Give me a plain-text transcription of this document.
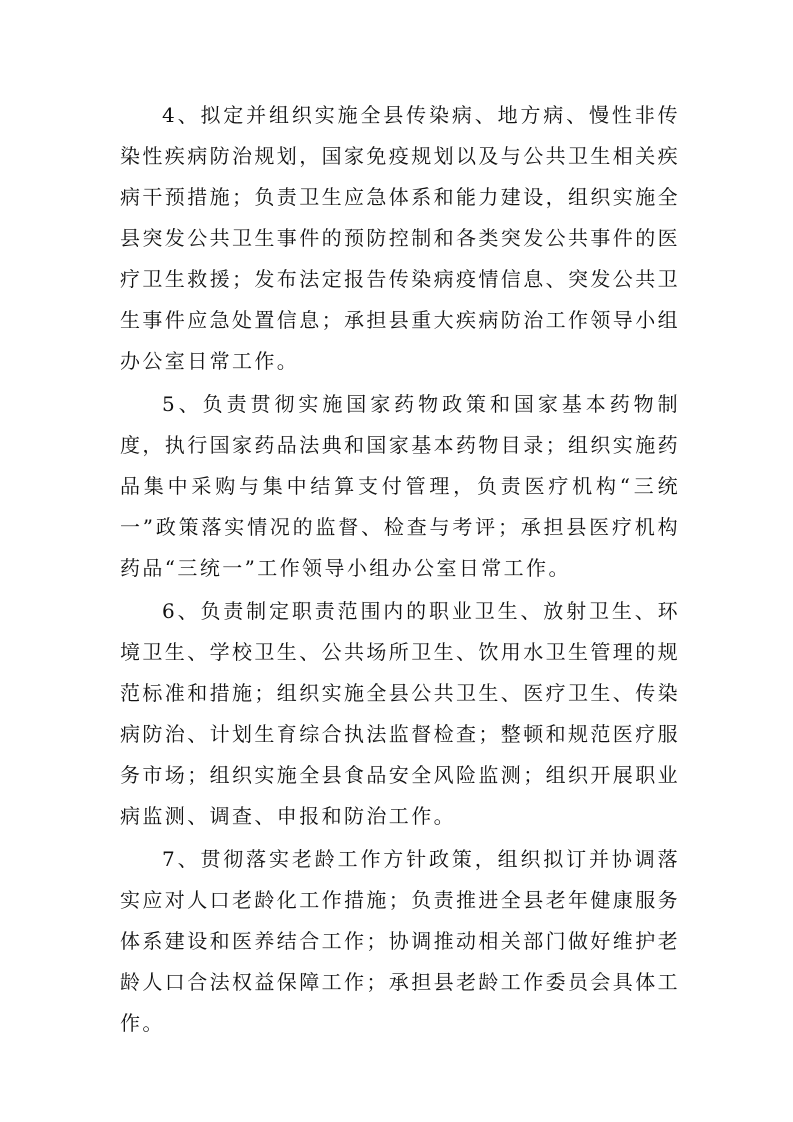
4、拟定并组织实施全县传染病、地方病、慢性非传染性疾病防治规划，国家免疫规划以及与公共卫生相关疾病干预措施；负责卫生应急体系和能力建设，组织实施全县突发公共卫生事件的预防控制和各类突发公共事件的医疗卫生救援；发布法定报告传染病疫情信息、突发公共卫生事件应急处置信息；承担县重大疾病防治工作领导小组办公室日常工作。

5、负责贯彻实施国家药物政策和国家基本药物制度，执行国家药品法典和国家基本药物目录；组织实施药品集中采购与集中结算支付管理，负责医疗机构“三统一”政策落实情况的监督、检查与考评；承担县医疗机构药品“三统一”工作领导小组办公室日常工作。

6、负责制定职责范围内的职业卫生、放射卫生、环境卫生、学校卫生、公共场所卫生、饮用水卫生管理的规范标准和措施；组织实施全县公共卫生、医疗卫生、传染病防治、计划生育综合执法监督检查；整顿和规范医疗服务市场；组织实施全县食品安全风险监测；组织开展职业病监测、调查、申报和防治工作。

7、贯彻落实老龄工作方针政策，组织拟订并协调落实应对人口老龄化工作措施；负责推进全县老年健康服务体系建设和医养结合工作；协调推动相关部门做好维护老龄人口合法权益保障工作；承担县老龄工作委员会具体工作。
